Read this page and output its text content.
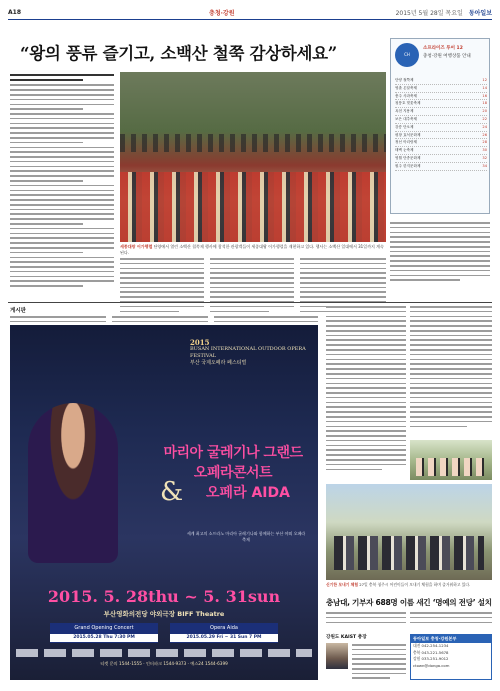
A18	충청·강원	2015년 5월 28일 목요일 동아일보
“왕의 풍류 즐기고, 소백산 철쭉 감상하세요”	CH
소프라이즈 투어 12
충청·강원 여행상품 안내
단양 철쭉제	12
영춘 온달축제	14
충주 사과축제	16
청풍호 벚꽃축제	18
옥천 지용제	20
보은 대추축제	22
강릉 단오제	24
평창 효석문화제	26
정선 아리랑제	28
태백 눈축제	30
영월 단종문화제	32
원주 한지문화제	34
세종대왕 어가행렬 단양에서 열린 소백산 철쭉제 행사에 참석한 관광객들이 세종대왕 어가행렬을 재현하고 있다. 행사는 소백산 일대에서 31일까지 계속된다.
게시판
2015
BUSAN INTERNATIONAL OUTDOOR OPERA FESTIVAL
부산 국제오페라 페스티벌
마리아 굴레기나 그랜드오페라콘서트
&	오페라 AIDA
세계 최고의 소프라노 마리아 굴레기나와 함께하는 부산 야외 오페라 축제
2015. 5. 28thu ~ 5. 31sun
부산영화의전당 야외극장 BIFF Theatre
Grand Opening Concert
2015.05.28 Thu 7:30 PM
Opera Aida
2015.05.29 Fri ~ 31 Sun 7 PM
티켓 문의 1544-1555 · 인터파크 1544-9373 · 예스24 1544-6399
신기한 모내기 체험 27일 충북 청주시 어린이들이 모내기 체험을 하며 즐거워하고 있다.
충남대, 기부자 688명 이름 새긴 ‘명예의 전당’ 설치
강원도 KAIST 총장	동아일보 충청·강원본부
대전 042-254-1234
충북 043-221-5678
강원 033-251-9012
ctown@donga.com
